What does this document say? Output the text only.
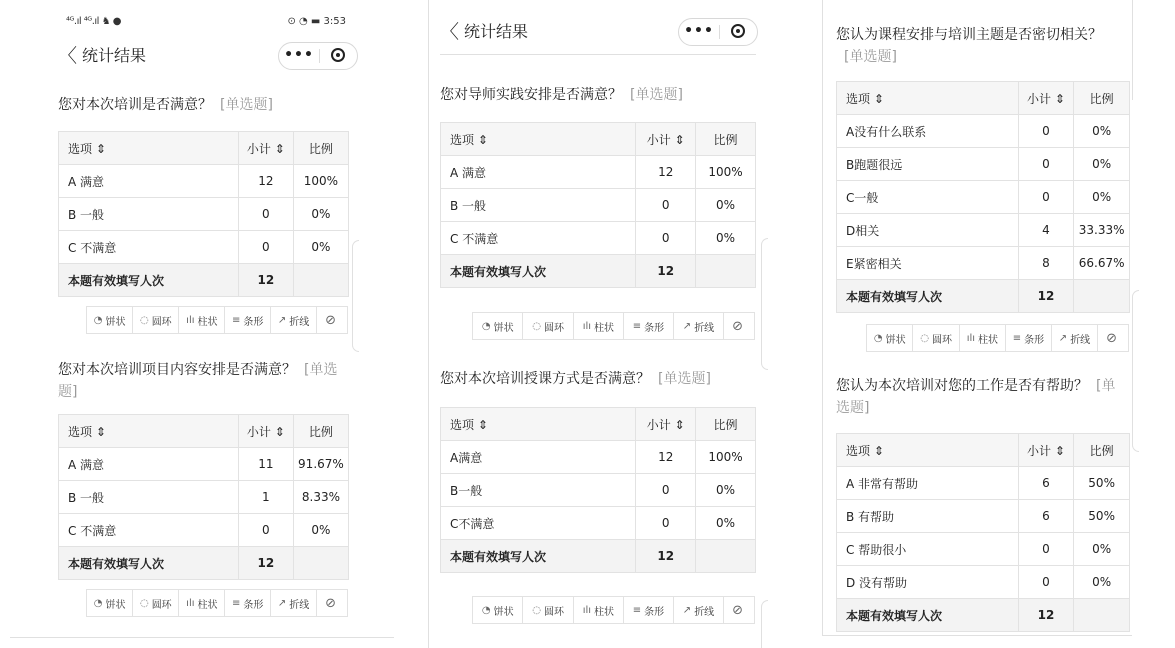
⁴ᴳ.ıl ⁴ᴳ.ıl ♞ ●	⊙ ◔ ▬ 3:53
〈 统计结果	•••
您对本次培训是否满意？ [单选题]
选项 ⇕	小计 ⇕	比例
A 满意	12	100%
B 一般	0	0%
C 不满意	0	0%
本题有效填写人次	12	
◔ 饼状 ◌ 圆环 ılı 柱状 ≡ 条形 ↗ 折线 ⊘
您对本次培训项目内容安排是否满意？ [单选题]
选项 ⇕	小计 ⇕	比例
A 满意	11	91.67%
B 一般	1	8.33%
C 不满意	0	0%
本题有效填写人次	12	
◔ 饼状 ◌ 圆环 ılı 柱状 ≡ 条形 ↗ 折线 ⊘
〈 统计结果	•••
您对导师实践安排是否满意？ [单选题]
选项 ⇕	小计 ⇕	比例
A 满意	12	100%
B 一般	0	0%
C 不满意	0	0%
本题有效填写人次	12	
◔ 饼状 ◌ 圆环 ılı 柱状 ≡ 条形 ↗ 折线 ⊘
您对本次培训授课方式是否满意？ [单选题]
选项 ⇕	小计 ⇕	比例
A满意	12	100%
B一般	0	0%
C不满意	0	0%
本题有效填写人次	12	
◔ 饼状 ◌ 圆环 ılı 柱状 ≡ 条形 ↗ 折线 ⊘
您认为课程安排与培训主题是否密切相关？[单选题]
选项 ⇕	小计 ⇕	比例
A没有什么联系	0	0%
B跑题很远	0	0%
C一般	0	0%
D相关	4	33.33%
E紧密相关	8	66.67%
本题有效填写人次	12	
◔ 饼状 ◌ 圆环 ılı 柱状 ≡ 条形 ↗ 折线 ⊘
您认为本次培训对您的工作是否有帮助？ [单选题]
选项 ⇕	小计 ⇕	比例
A 非常有帮助	6	50%
B 有帮助	6	50%
C 帮助很小	0	0%
D 没有帮助	0	0%
本题有效填写人次	12	
